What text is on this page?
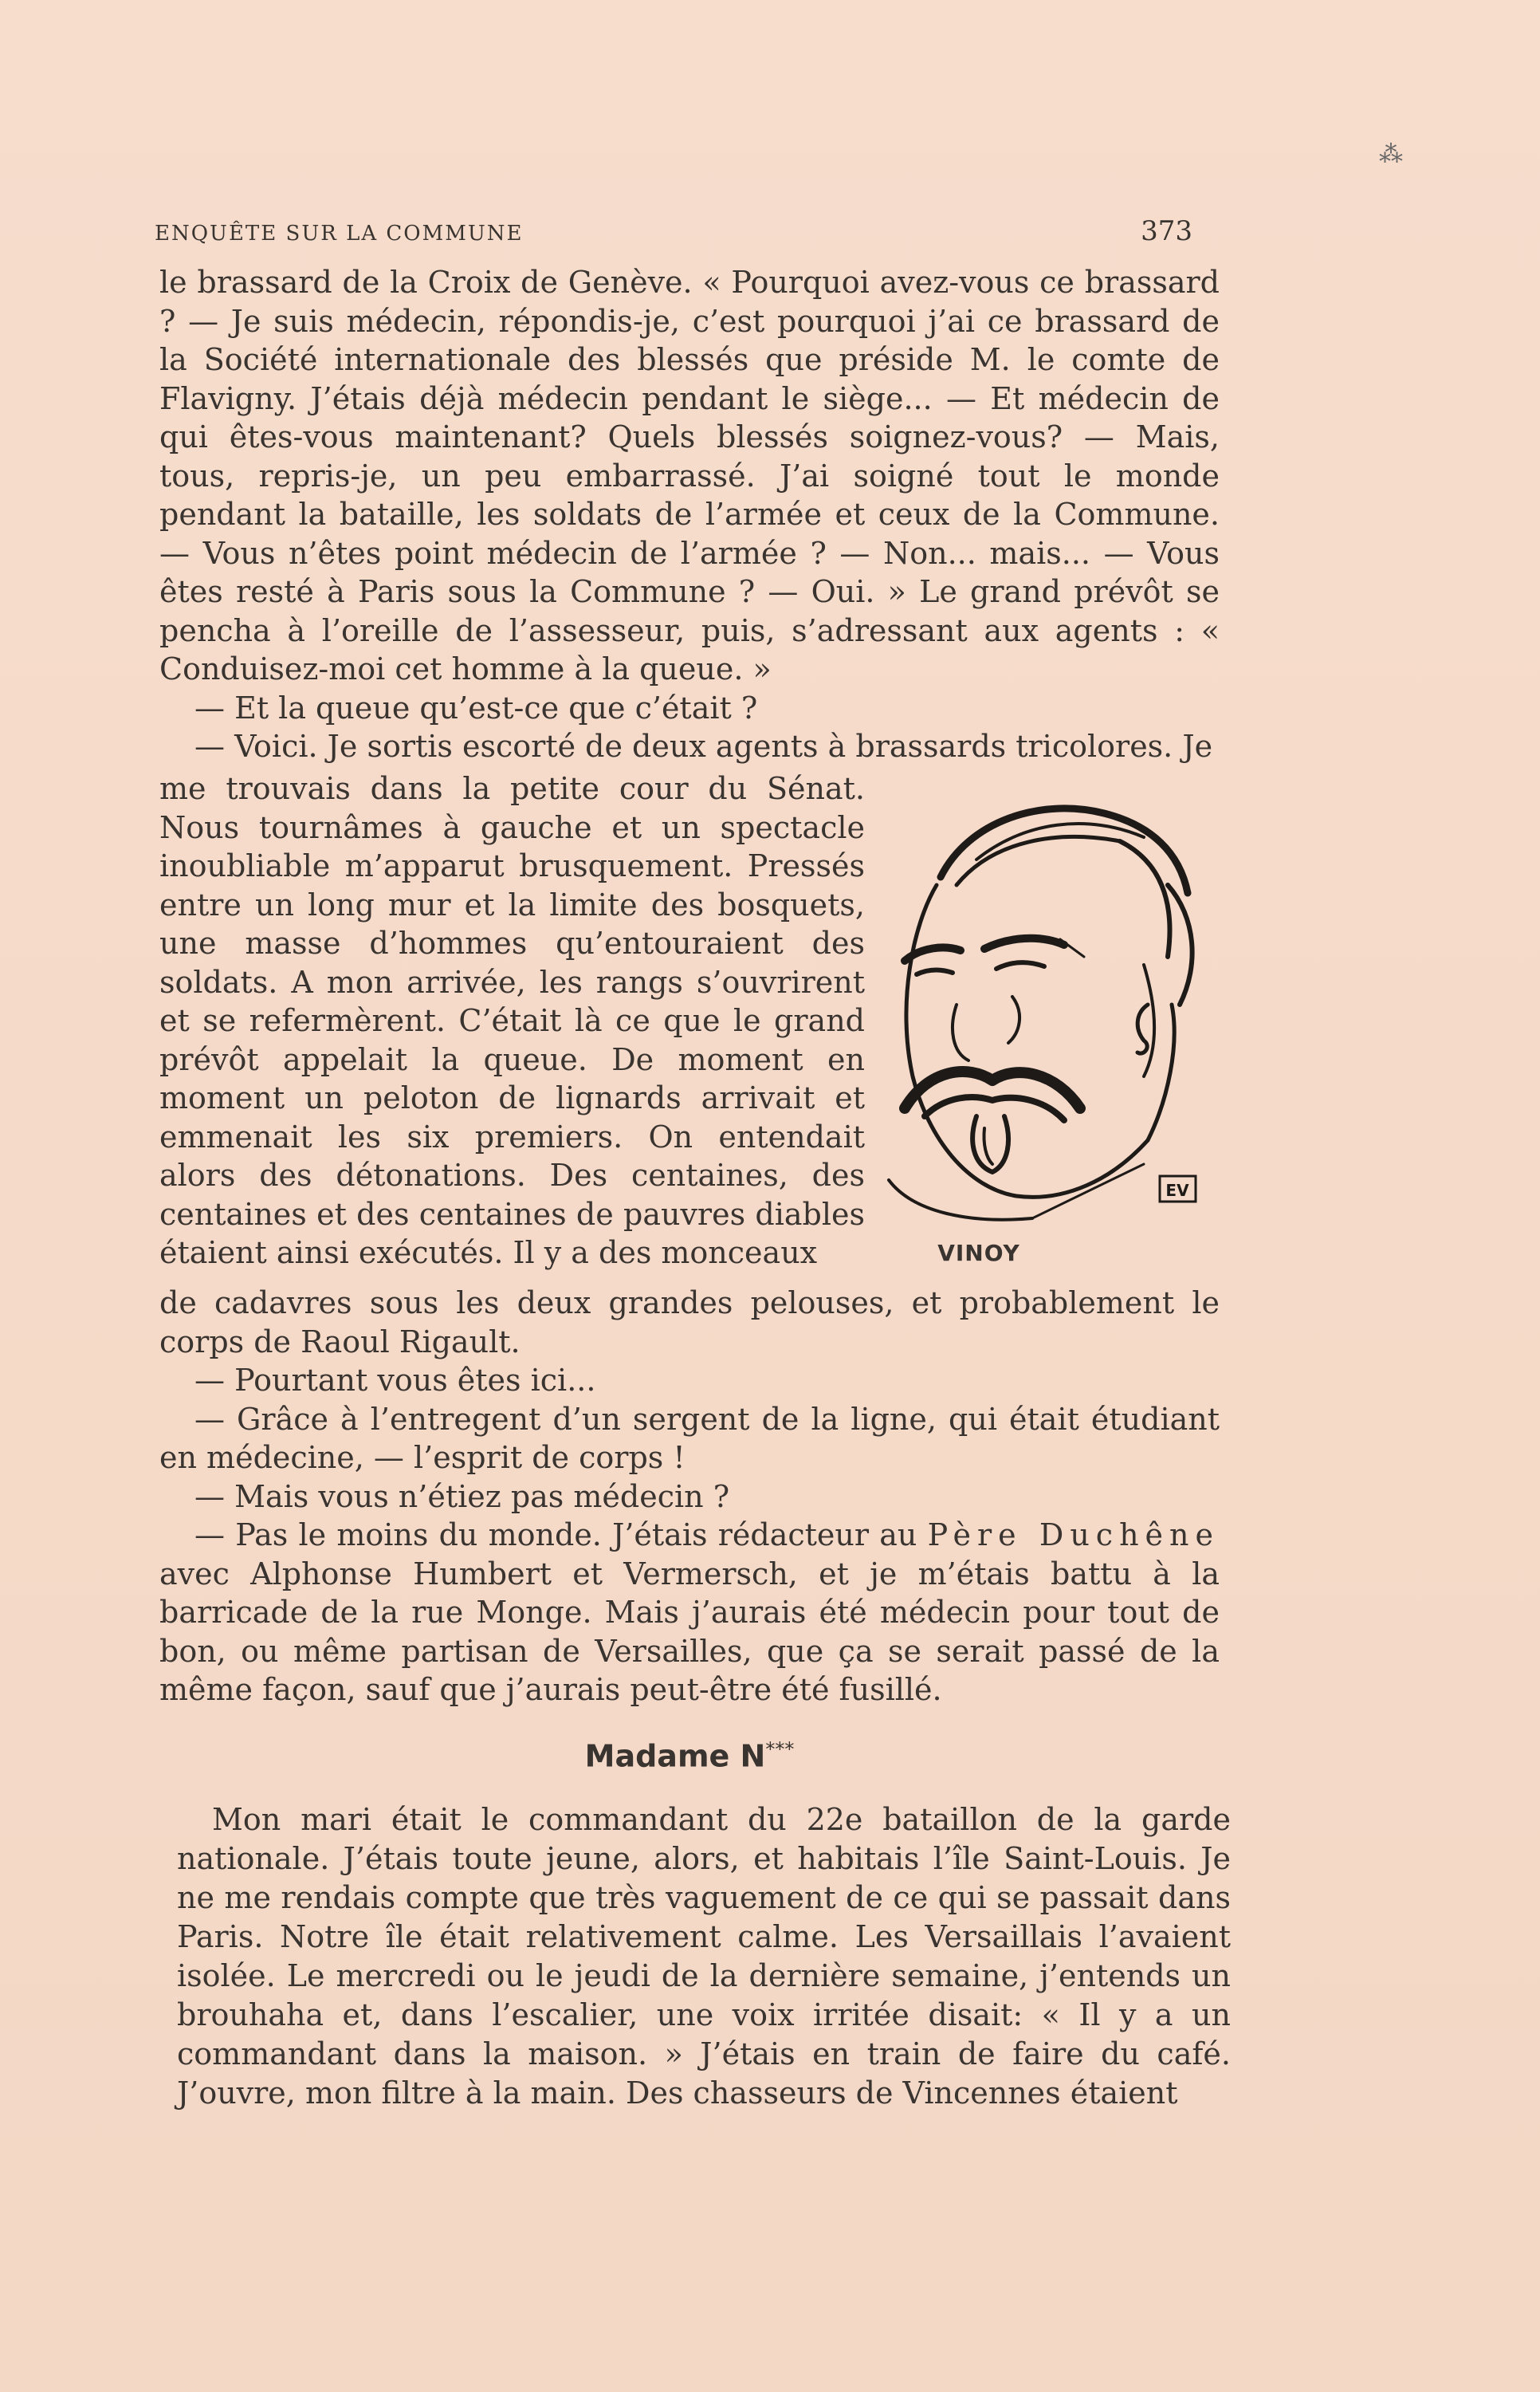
⁂
ENQUÊTE SUR LA COMMUNE	373

le brassard de la Croix de Genève. « Pourquoi avez-vous ce brassard ? — Je suis médecin, répondis-je, c’est pourquoi j’ai ce brassard de la Société internationale des blessés que préside M. le comte de Flavigny. J’étais déjà médecin pendant le siège... — Et médecin de qui êtes-vous maintenant? Quels blessés soignez-vous? — Mais, tous, repris-je, un peu embarrassé. J’ai soigné tout le monde pendant la bataille, les soldats de l’armée et ceux de la Commune. — Vous n’êtes point médecin de l’armée ? — Non... mais... — Vous êtes resté à Paris sous la Commune ? — Oui. » Le grand prévôt se pencha à l’oreille de l’assesseur, puis, s’adressant aux agents : « Conduisez-moi cet homme à la queue. »

— Et la queue qu’est-ce que c’était ?

— Voici. Je sortis escorté de deux agents à brassards tricolores. Je

me trouvais dans la petite cour du Sénat. Nous tournâmes à gauche et un spectacle inoubliable m’apparut brusquement. Pressés entre un long mur et la limite des bosquets, une masse d’hommes qu’entouraient des soldats. A mon arrivée, les rangs s’ouvrirent et se refermèrent. C’était là ce que le grand prévôt appelait la queue. De moment en moment un peloton de lignards arrivait et emmenait les six premiers. On entendait alors des détonations. Des centaines, des centaines et des centaines de pauvres diables étaient ainsi exécutés. Il y a des monceaux

EV
VINOY

de cadavres sous les deux grandes pelouses, et probablement le corps de Raoul Rigault.

— Pourtant vous êtes ici...

— Grâce à l’entregent d’un sergent de la ligne, qui était étudiant en médecine, — l’esprit de corps !

— Mais vous n’étiez pas médecin ?

— Pas le moins du monde. J’étais rédacteur au Père Duchêne avec Alphonse Humbert et Vermersch, et je m’étais battu à la barricade de la rue Monge. Mais j’aurais été médecin pour tout de bon, ou même partisan de Versailles, que ça se serait passé de la même façon, sauf que j’aurais peut-être été fusillé.

Madame N***

Mon mari était le commandant du 22e bataillon de la garde nationale. J’étais toute jeune, alors, et habitais l’île Saint-Louis. Je ne me rendais compte que très vaguement de ce qui se passait dans Paris. Notre île était relativement calme. Les Versaillais l’avaient isolée. Le mercredi ou le jeudi de la dernière semaine, j’entends un brouhaha et, dans l’escalier, une voix irritée disait: « Il y a un commandant dans la maison. » J’étais en train de faire du café. J’ouvre, mon filtre à la main. Des chasseurs de Vincennes étaient
